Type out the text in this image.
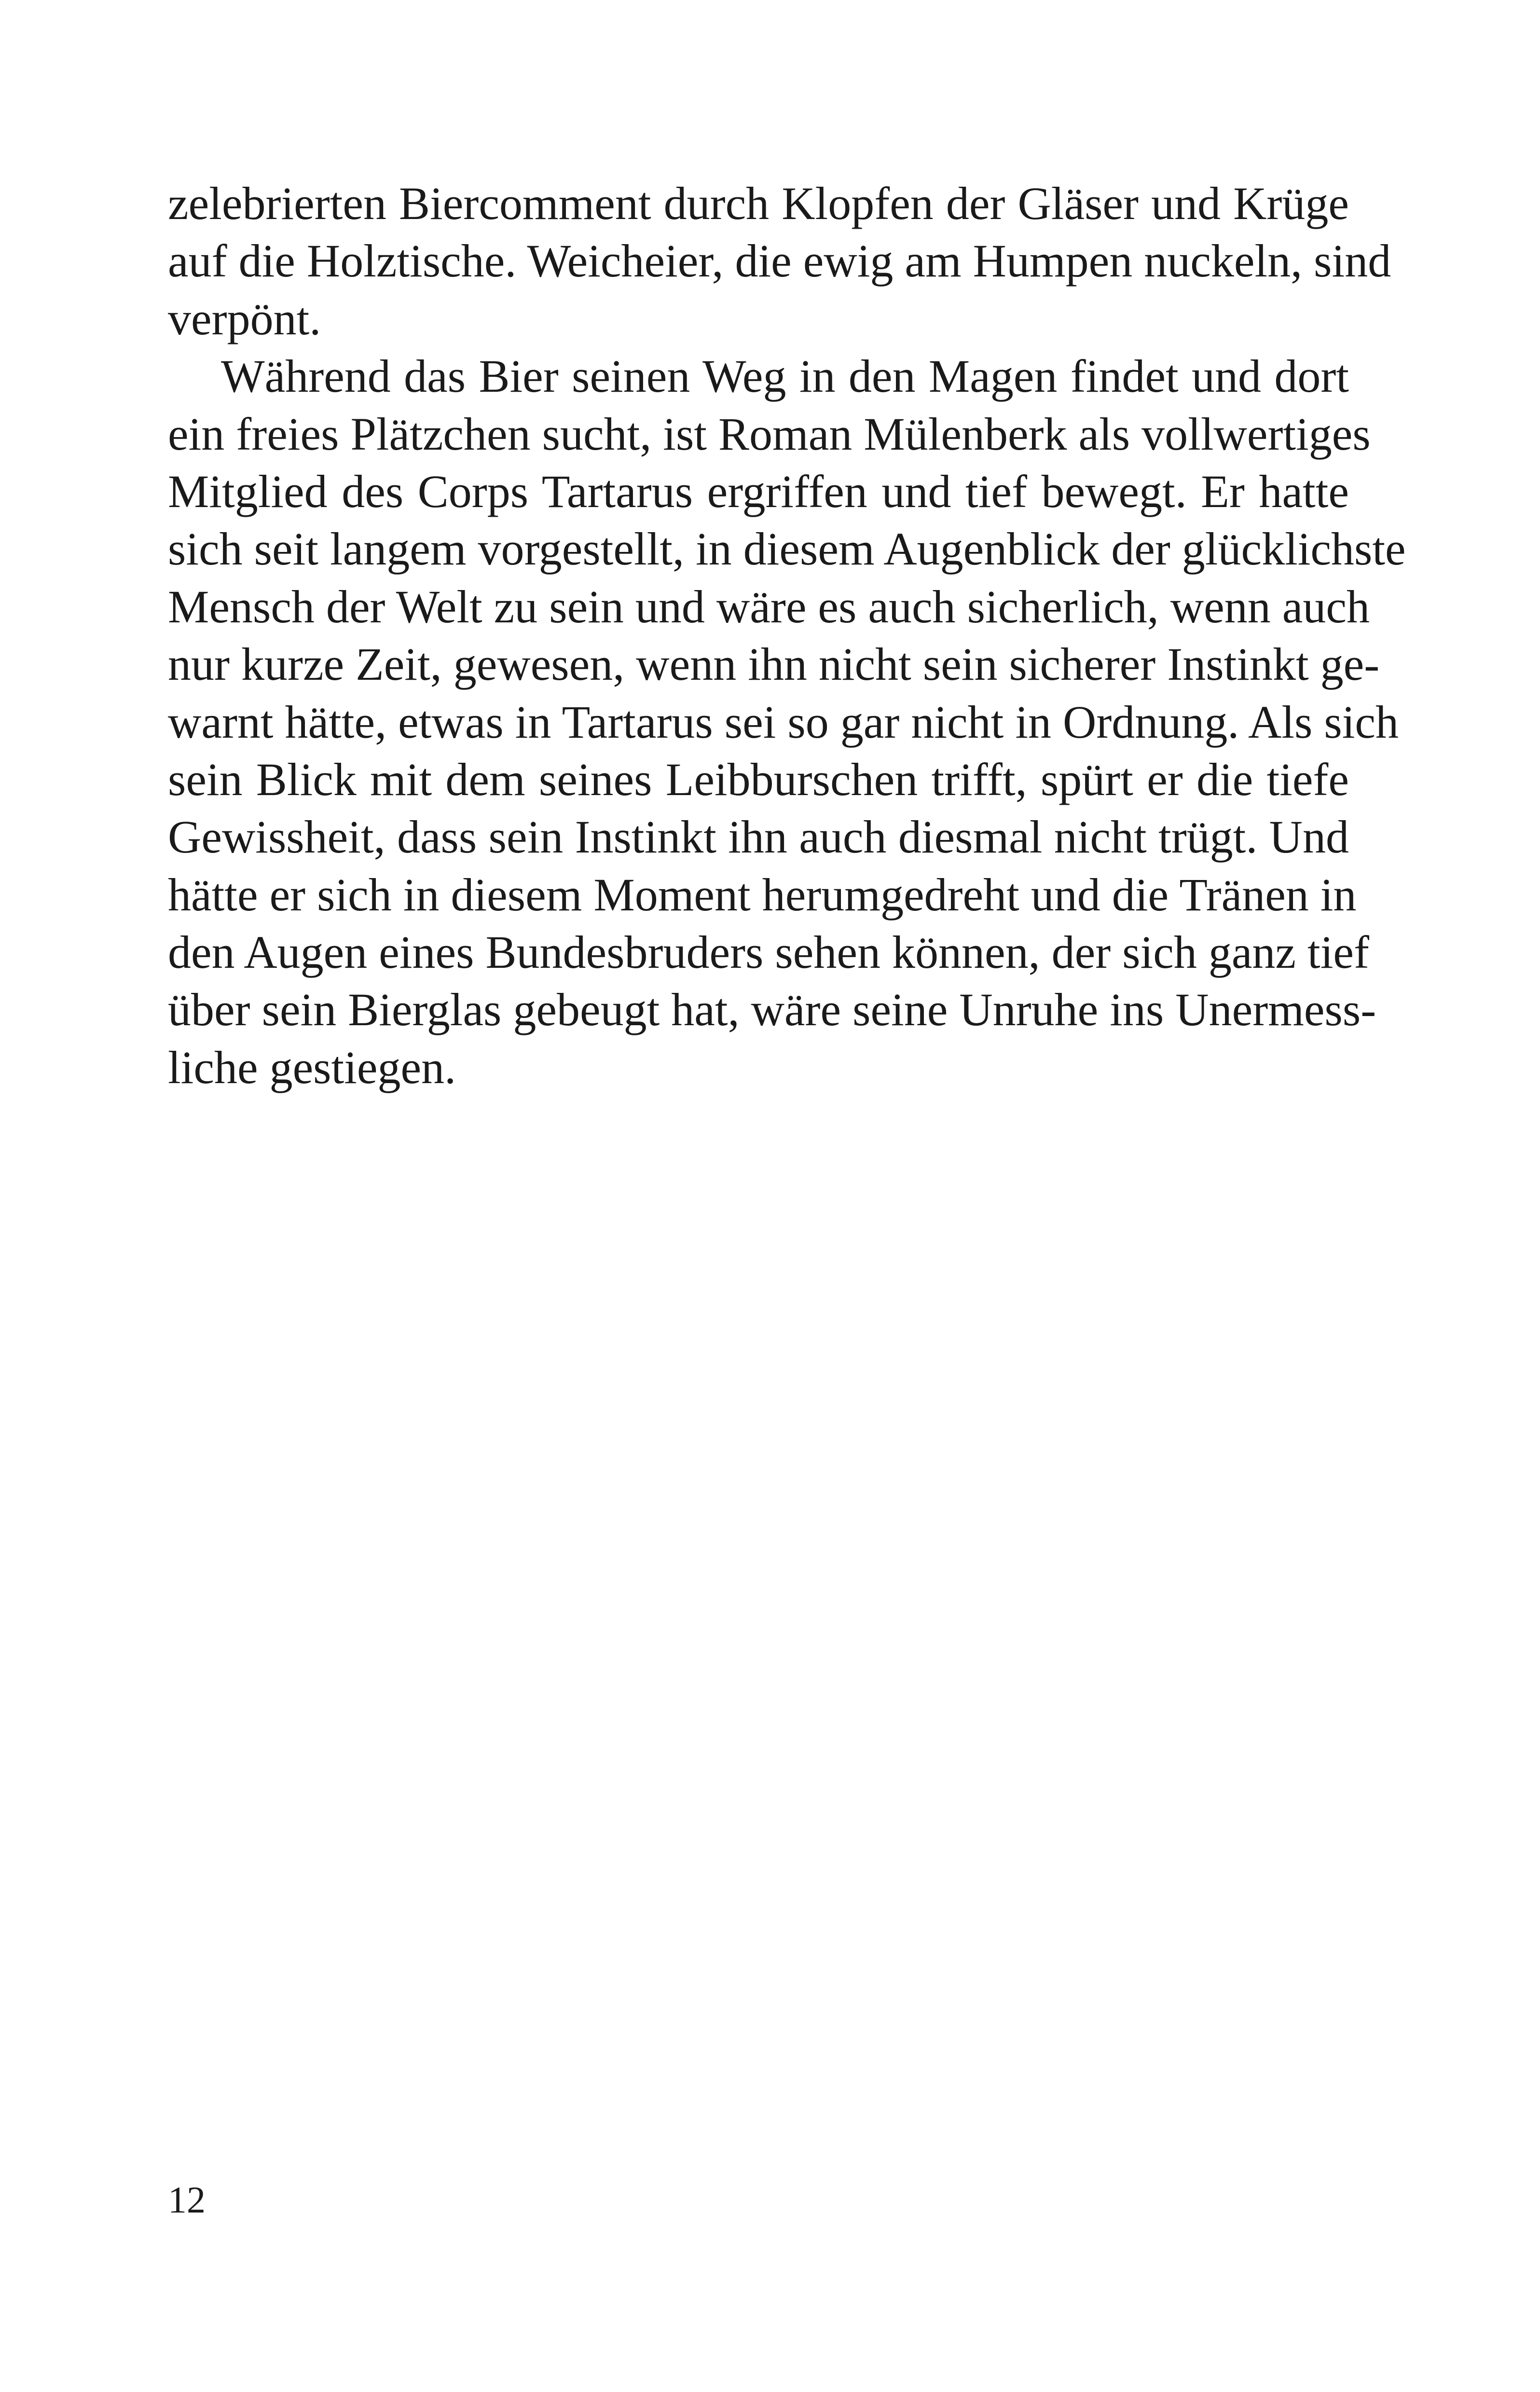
zelebrierten Biercomment durch Klopfen der Gläser und Krüge
auf die Holztische. Weicheier, die ewig am Humpen nuckeln, sind
verpönt.
Während das Bier seinen Weg in den Magen findet und dort
ein freies Plätzchen sucht, ist Roman Mülenberk als vollwertiges
Mitglied des Corps Tartarus ergriffen und tief bewegt. Er hatte
sich seit langem vorgestellt, in diesem Augenblick der glücklichste
Mensch der Welt zu sein und wäre es auch sicherlich, wenn auch
nur kurze Zeit, gewesen, wenn ihn nicht sein sicherer Instinkt ge-
warnt hätte, etwas in Tartarus sei so gar nicht in Ordnung. Als sich
sein Blick mit dem seines Leibburschen trifft, spürt er die tiefe
Gewissheit, dass sein Instinkt ihn auch diesmal nicht trügt. Und
hätte er sich in diesem Moment herumgedreht und die Tränen in
den Augen eines Bundesbruders sehen können, der sich ganz tief
über sein Bierglas gebeugt hat, wäre seine Unruhe ins Unermess-
liche gestiegen.
12
